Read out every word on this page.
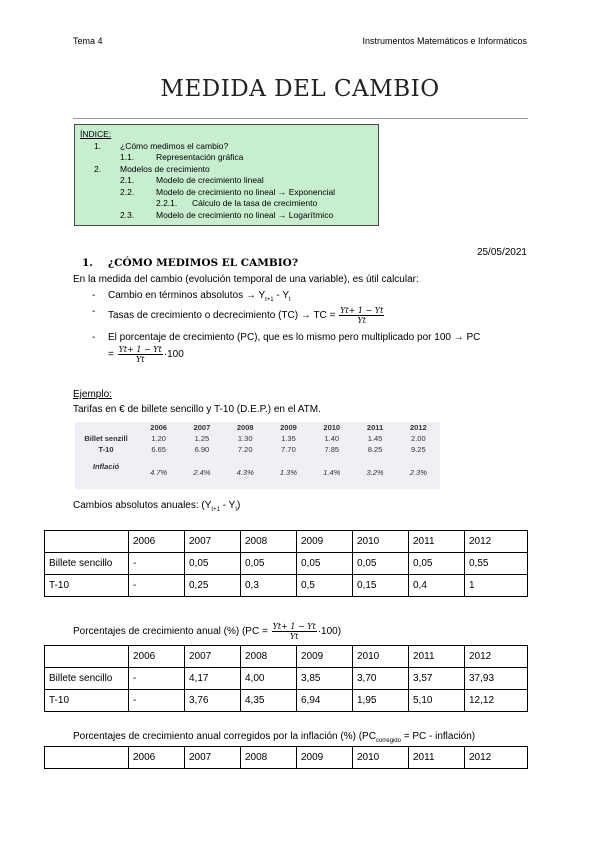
Tema 4	Instrumentos Matemáticos e Informáticos
MEDIDA DEL CAMBIO
ÍNDICE:
1. ¿Cómo medimos el cambio?
1.1.	Representación gráfica
2. Modelos de crecimiento
2.1.	Modelo de crecimiento lineal
2.2.	Modelo de crecimiento no lineal → Exponencial
2.2.1. Cálculo de la tasa de crecimiento
2.3.	Modelo de crecimiento no lineal → Logarítmico
25/05/2021
1. ¿CÓMO MEDIMOS EL CAMBIO?
En la medida del cambio (evolución temporal de una variable), es útil calcular:
- Cambio en términos absolutos → $Y_{t+1} - Y_t$
- Tasas de crecimiento o decrecimiento (TC) → TC = $\frac{Yt+ 1 - Yt}{Yt}$
- El porcentaje de crecimiento (PC), que es lo mismo pero multiplicado por 100 → PC
= $\frac{Yt+ 1 - Yt}{Yt} \cdot 100$
Ejemplo:
Tarifas en € de billete sencillo y T-10 (D.E.P.) en el ATM.
	2006	2007	2008	2009	2010	2011	2012
Billet senzill	1.20	1.25	1.30	1.35	1.40	1.45	2.00
T-10	6.65	6.90	7.20	7.70	7.85	8.25	9.25
Inflació	4.7%	2.4%	4.3%	1.3%	1.4%	3.2%	2.3%
Cambios absolutos anuales: $(Y_{t+1} - Y_t)$
	2006	2007	2008	2009	2010	2011	2012
Billete sencillo	-	0,05	0,05	0,05	0,05	0,05	0,55
T-10	-	0,25	0,3	0,5	0,15	0,4	1
Porcentajes de crecimiento anual (%) $(PC = \frac{Yt+ 1 - Yt}{Yt} \cdot 100)$
	2006	2007	2008	2009	2010	2011	2012
Billete sencillo	-	4,17	4,00	3,85	3,70	3,57	37,93
T-10	-	3,76	4,35	6,94	1,95	5,10	12,12
Porcentajes de crecimiento anual corregidos por la inflación (%) ($PC_{corregido}$ = PC - inflación)
	2006	2007	2008	2009	2010	2011	2012
